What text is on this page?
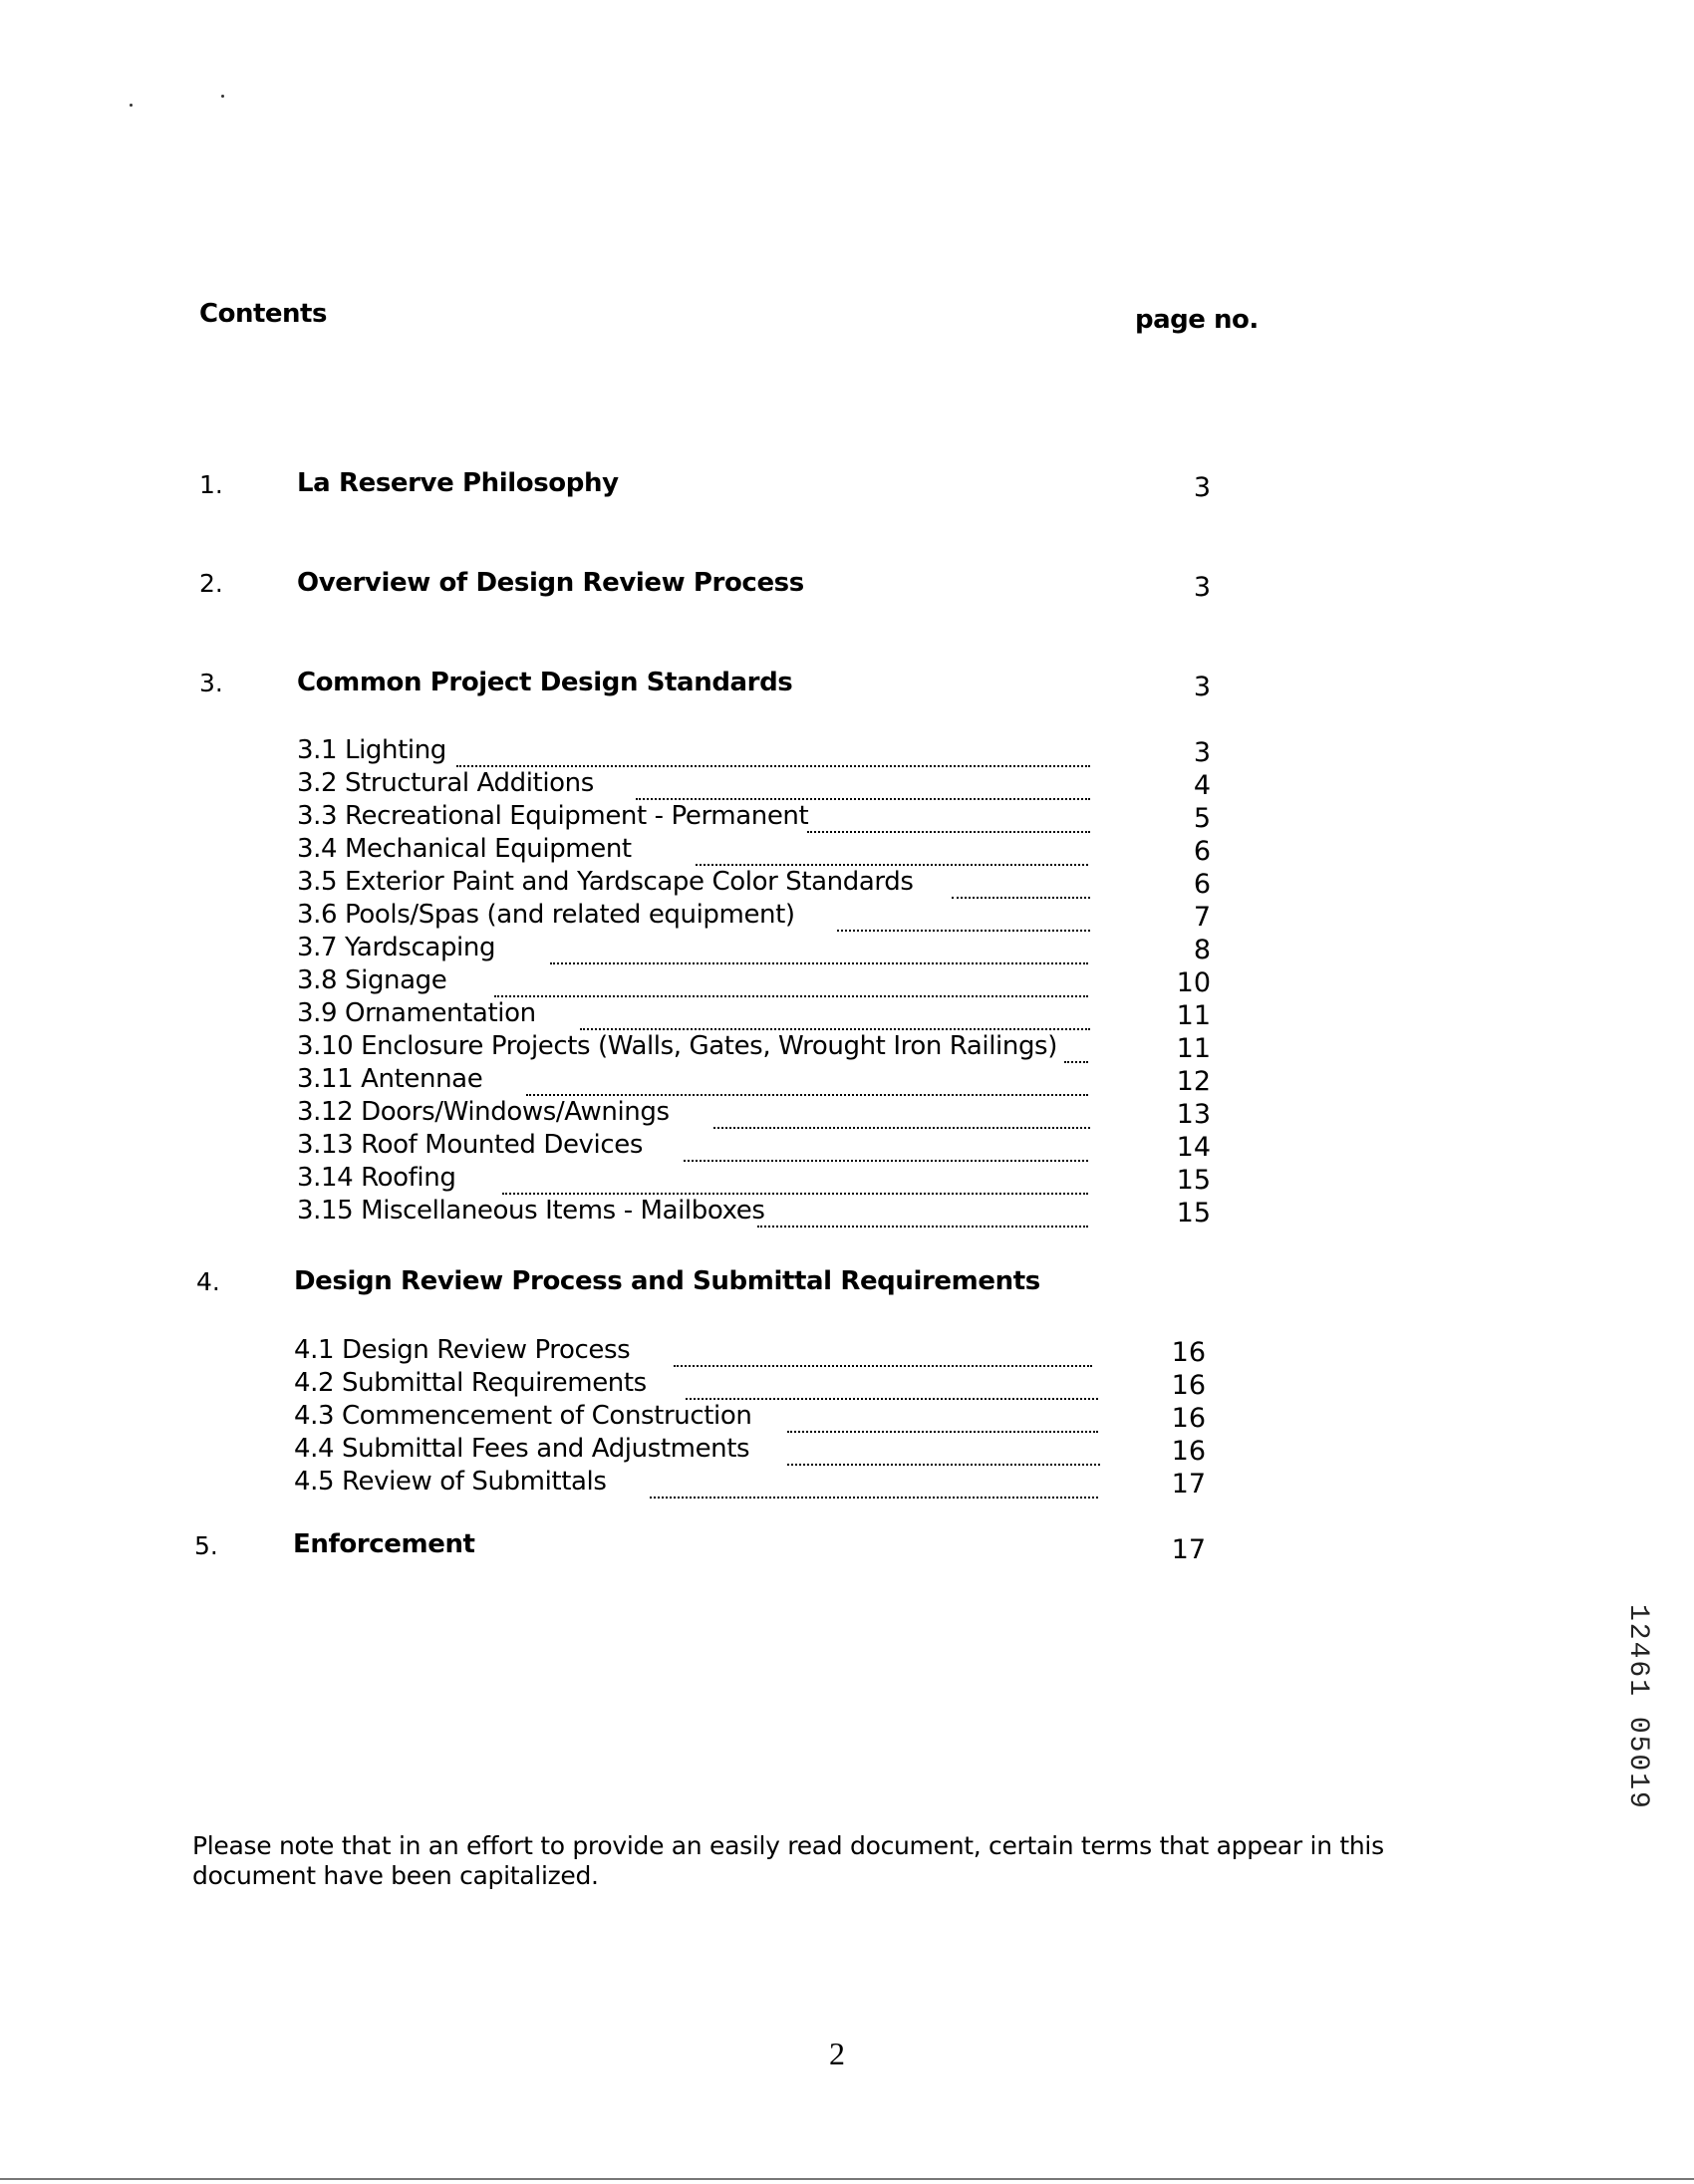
Contents	page no.
1.	La Reserve Philosophy	3
2.	Overview of Design Review Process	3
3.	Common Project Design Standards	3
3.1 Lighting	3
3.2 Structural Additions	4
3.3 Recreational Equipment - Permanent	5
3.4 Mechanical Equipment	6
3.5 Exterior Paint and Yardscape Color Standards	6
3.6 Pools/Spas (and related equipment)	7
3.7 Yardscaping	8
3.8 Signage	10
3.9 Ornamentation	11
3.10 Enclosure Projects (Walls, Gates, Wrought Iron Railings)	11
3.11 Antennae	12
3.12 Doors/Windows/Awnings	13
3.13 Roof Mounted Devices	14
3.14 Roofing	15
3.15 Miscellaneous Items - Mailboxes	15
4.	Design Review Process and Submittal Requirements
4.1 Design Review Process	16
4.2 Submittal Requirements	16
4.3 Commencement of Construction	16
4.4 Submittal Fees and Adjustments	16
4.5 Review of Submittals	17
5.	Enforcement	17
Please note that in an effort to provide an easily read document, certain terms that appear in this document have been capitalized.
2
12461 05019
